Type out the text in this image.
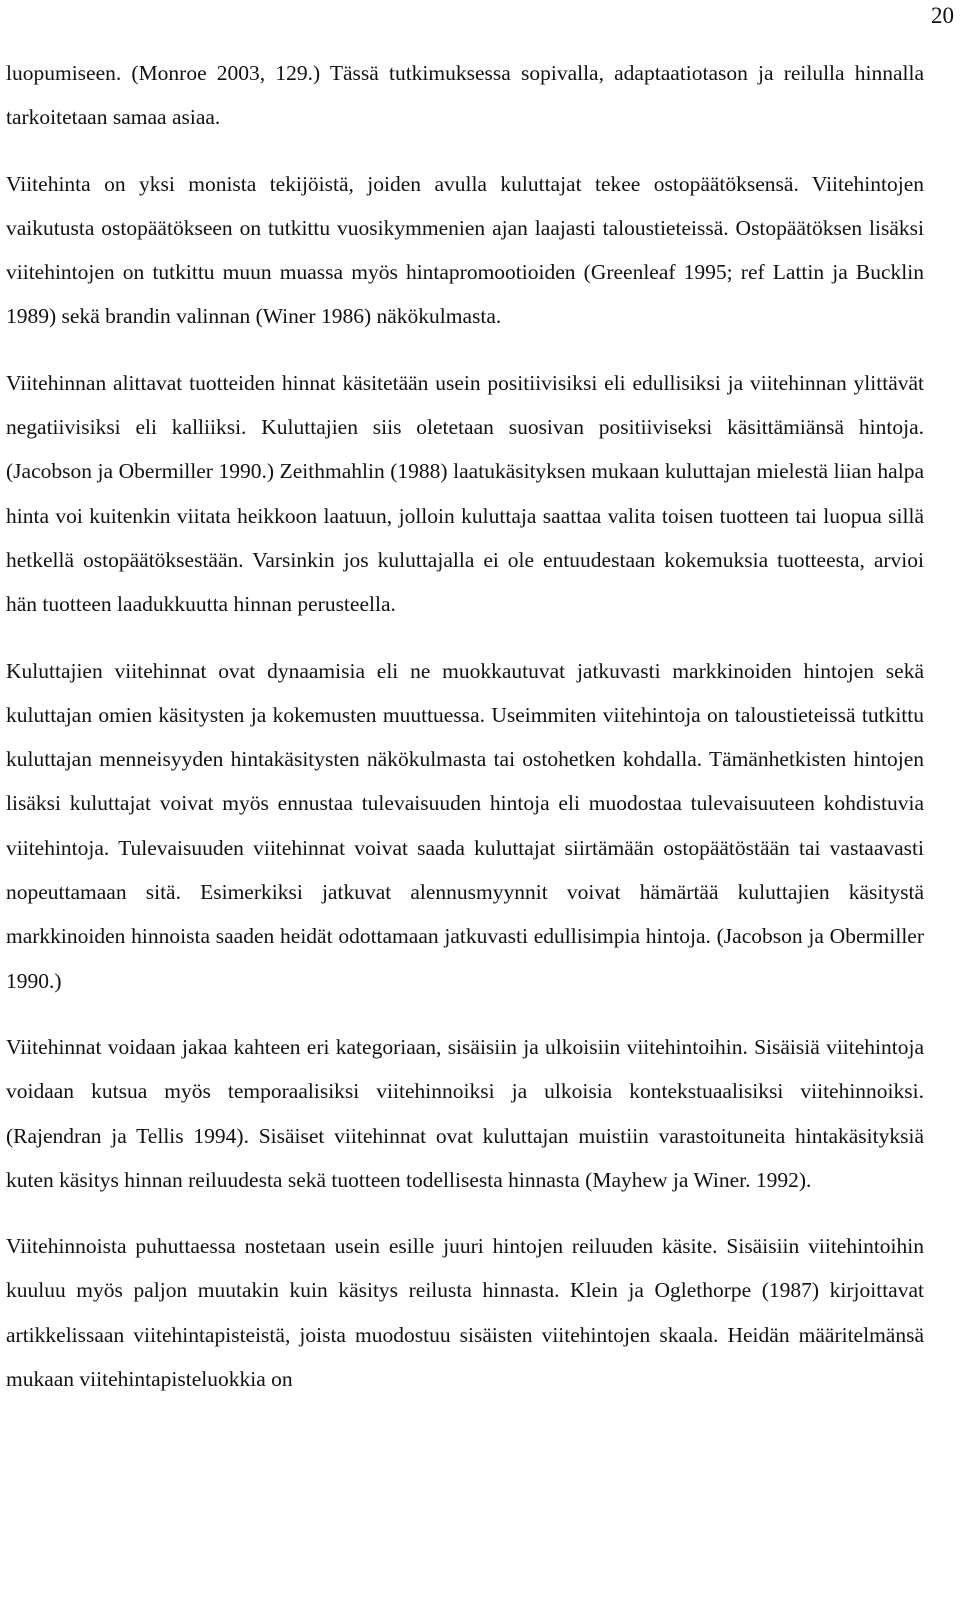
20

luopumiseen. (Monroe 2003, 129.) Tässä tutkimuksessa sopivalla, adaptaatiotason ja reilulla hinnalla tarkoitetaan samaa asiaa.

Viitehinta on yksi monista tekijöistä, joiden avulla kuluttajat tekee ostopäätöksensä. Viitehintojen vaikutusta ostopäätökseen on tutkittu vuosikymmenien ajan laajasti taloustieteissä. Ostopäätöksen lisäksi viitehintojen on tutkittu muun muassa myös hintapromootioiden (Greenleaf 1995; ref Lattin ja Bucklin 1989) sekä brandin valinnan (Winer 1986) näkökulmasta.

Viitehinnan alittavat tuotteiden hinnat käsitetään usein positiivisiksi eli edullisiksi ja viitehinnan ylittävät negatiivisiksi eli kalliiksi. Kuluttajien siis oletetaan suosivan positiiviseksi käsittämiänsä hintoja. (Jacobson ja Obermiller 1990.) Zeithmahlin (1988) laatukäsityksen mukaan kuluttajan mielestä liian halpa hinta voi kuitenkin viitata heikkoon laatuun, jolloin kuluttaja saattaa valita toisen tuotteen tai luopua sillä hetkellä ostopäätöksestään. Varsinkin jos kuluttajalla ei ole entuudestaan kokemuksia tuotteesta, arvioi hän tuotteen laadukkuutta hinnan perusteella.

Kuluttajien viitehinnat ovat dynaamisia eli ne muokkautuvat jatkuvasti markkinoiden hintojen sekä kuluttajan omien käsitysten ja kokemusten muuttuessa. Useimmiten viitehintoja on taloustieteissä tutkittu kuluttajan menneisyyden hintakäsitysten näkökulmasta tai ostohetken kohdalla. Tämänhetkisten hintojen lisäksi kuluttajat voivat myös ennustaa tulevaisuuden hintoja eli muodostaa tulevaisuuteen kohdistuvia viitehintoja. Tulevaisuuden viitehinnat voivat saada kuluttajat siirtämään ostopäätöstään tai vastaavasti nopeuttamaan sitä. Esimerkiksi jatkuvat alennusmyynnit voivat hämärtää kuluttajien käsitystä markkinoiden hinnoista saaden heidät odottamaan jatkuvasti edullisimpia hintoja. (Jacobson ja Obermiller 1990.)

Viitehinnat voidaan jakaa kahteen eri kategoriaan, sisäisiin ja ulkoisiin viitehintoihin. Sisäisiä viitehintoja voidaan kutsua myös temporaalisiksi viitehinnoiksi ja ulkoisia kontekstuaalisiksi viitehinnoiksi. (Rajendran ja Tellis 1994). Sisäiset viitehinnat ovat kuluttajan muistiin varastoituneita hintakäsityksiä kuten käsitys hinnan reiluudesta sekä tuotteen todellisesta hinnasta (Mayhew ja Winer. 1992).

Viitehinnoista puhuttaessa nostetaan usein esille juuri hintojen reiluuden käsite. Sisäisiin viitehintoihin kuuluu myös paljon muutakin kuin käsitys reilusta hinnasta. Klein ja Oglethorpe (1987) kirjoittavat artikkelissaan viitehintapisteistä, joista muodostuu sisäisten viitehintojen skaala. Heidän määritelmänsä mukaan viitehintapisteluokkia on
